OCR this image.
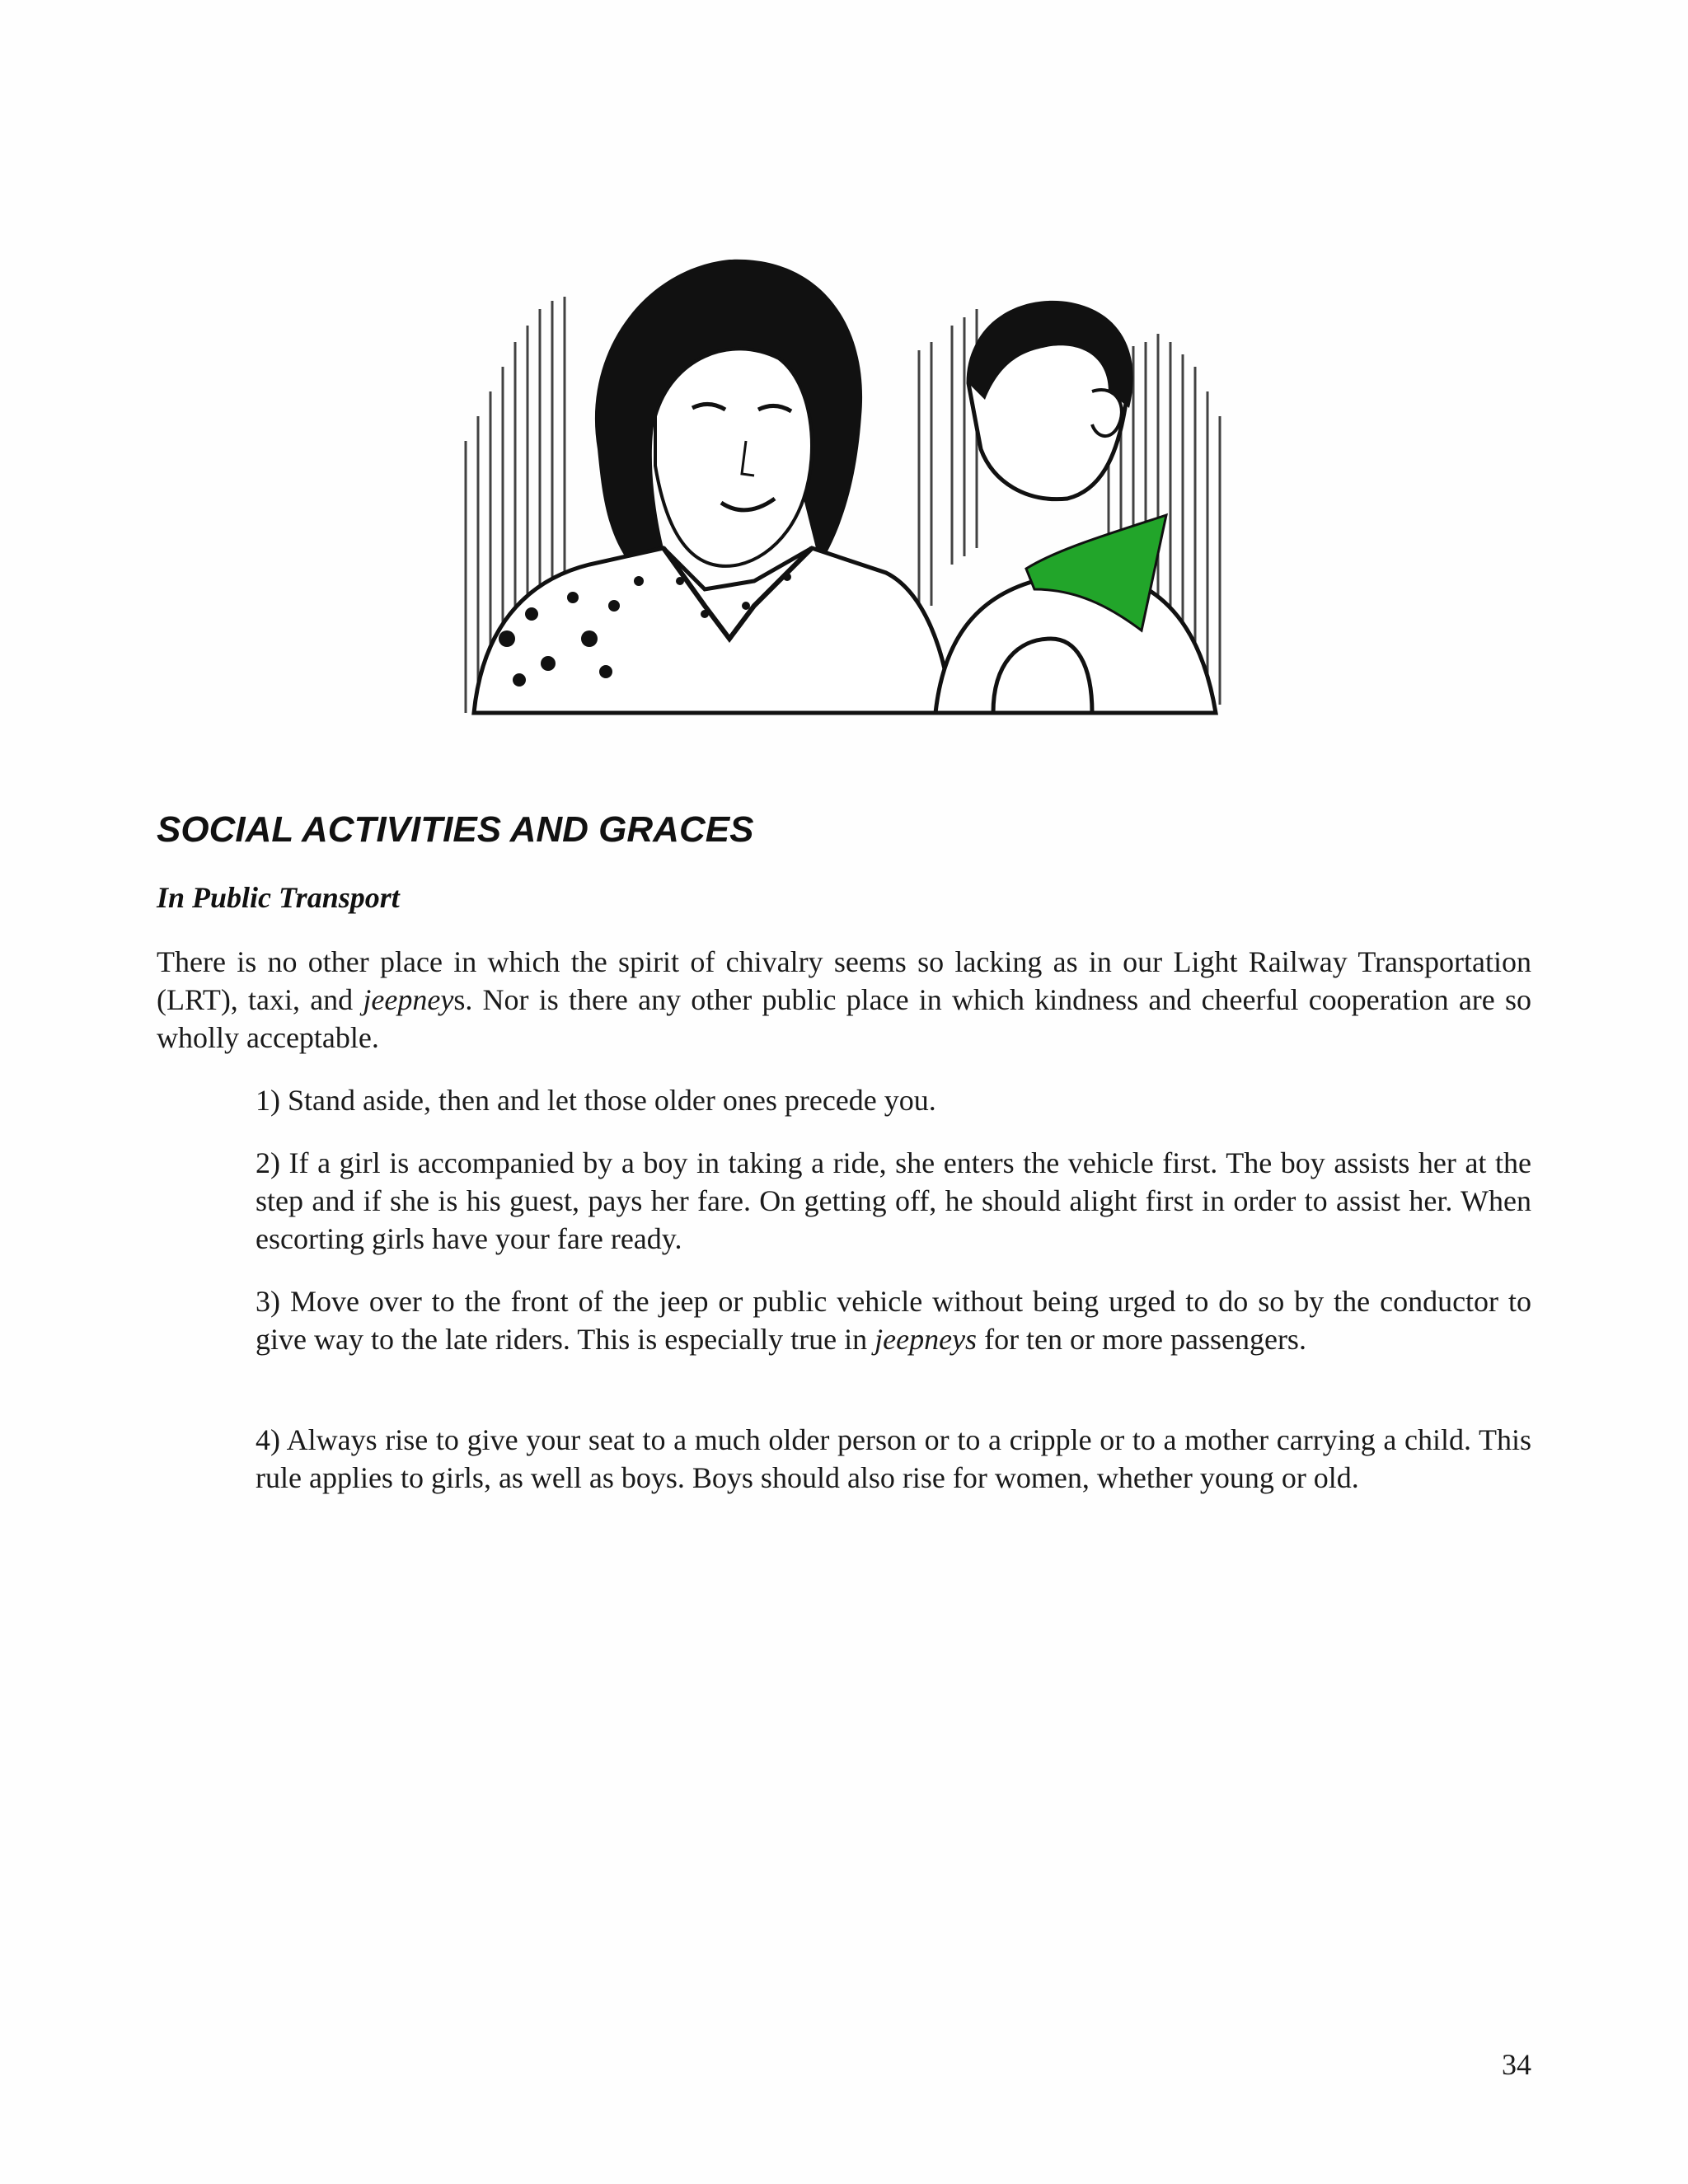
SOCIAL ACTIVITIES AND GRACES
In Public Transport

There is no other place in which the spirit of chivalry seems so lacking as in our Light Railway Transportation (LRT), taxi, and jeepneys. Nor is there any other public place in which kindness and cheerful cooperation are so wholly acceptable.

1) Stand aside, then and let those older ones precede you.

2) If a girl is accompanied by a boy in taking a ride, she enters the vehicle first. The boy assists her at the step and if she is his guest, pays her fare. On getting off, he should alight first in order to assist her. When escorting girls have your fare ready.

3) Move over to the front of the jeep or public vehicle without being urged to do so by the conductor to give way to the late riders. This is especially true in jeepneys for ten or more passengers.

4) Always rise to give your seat to a much older person or to a cripple or to a mother carrying a child. This rule applies to girls, as well as boys. Boys should also rise for women, whether young or old.

34
